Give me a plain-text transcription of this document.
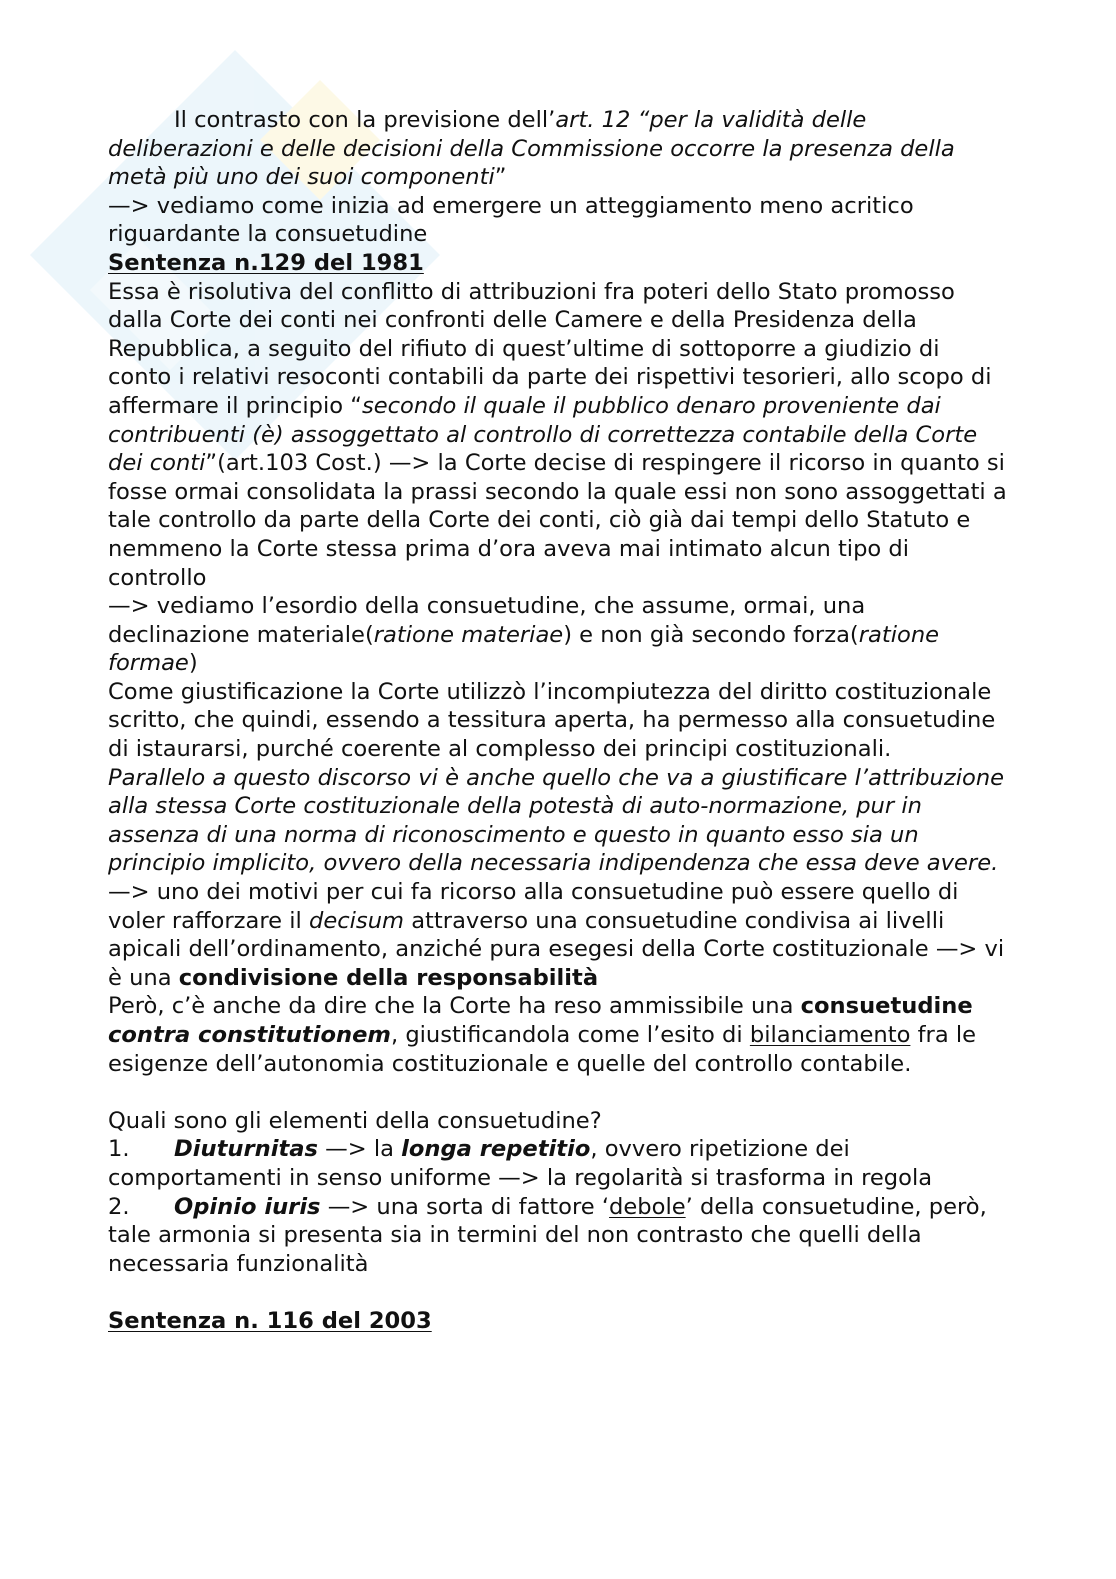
Il contrasto con la previsione dell’art. 12 “per la validità delle deliberazioni e delle decisioni della Commissione occorre la presenza della metà più uno dei suoi componenti”

—> vediamo come inizia ad emergere un atteggiamento meno acritico riguardante la consuetudine

Sentenza n.129 del 1981

Essa è risolutiva del conflitto di attribuzioni fra poteri dello Stato promosso dalla Corte dei conti nei confronti delle Camere e della Presidenza della Repubblica, a seguito del rifiuto di quest’ultime di sottoporre a giudizio di conto i relativi resoconti contabili da parte dei rispettivi tesorieri, allo scopo di affermare il principio “secondo il quale il pubblico denaro proveniente dai contribuenti (è) assoggettato al controllo di correttezza contabile della Corte dei conti”(art.103 Cost.) —> la Corte decise di respingere il ricorso in quanto si fosse ormai consolidata la prassi secondo la quale essi non sono assoggettati a tale controllo da parte della Corte dei conti, ciò già dai tempi dello Statuto e nemmeno la Corte stessa prima d’ora aveva mai intimato alcun tipo di controllo

—> vediamo l’esordio della consuetudine, che assume, ormai, una declinazione materiale(ratione materiae) e non già secondo forza(ratione formae)

Come giustificazione la Corte utilizzò l’incompiutezza del diritto costituzionale scritto, che quindi, essendo a tessitura aperta, ha permesso alla consuetudine di istaurarsi, purché coerente al complesso dei principi costituzionali.

Parallelo a questo discorso vi è anche quello che va a giustificare l’attribuzione alla stessa Corte costituzionale della potestà di auto-normazione, pur in assenza di una norma di riconoscimento e questo in quanto esso sia un principio implicito, ovvero della necessaria indipendenza che essa deve avere.

—> uno dei motivi per cui fa ricorso alla consuetudine può essere quello di voler rafforzare il decisum attraverso una consuetudine condivisa ai livelli apicali dell’ordinamento, anziché pura esegesi della Corte costituzionale —> vi è una condivisione della responsabilità

Però, c’è anche da dire che la Corte ha reso ammissibile una consuetudine contra constitutionem, giustificandola come l’esito di bilanciamento fra le esigenze dell’autonomia costituzionale e quelle del controllo contabile.

Quali sono gli elementi della consuetudine?

1. Diuturnitas —> la longa repetitio, ovvero ripetizione dei comportamenti in senso uniforme —> la regolarità si trasforma in regola

2. Opinio iuris —> una sorta di fattore ‘debole’ della consuetudine, però, tale armonia si presenta sia in termini del non contrasto che quelli della necessaria funzionalità

Sentenza n. 116 del 2003
